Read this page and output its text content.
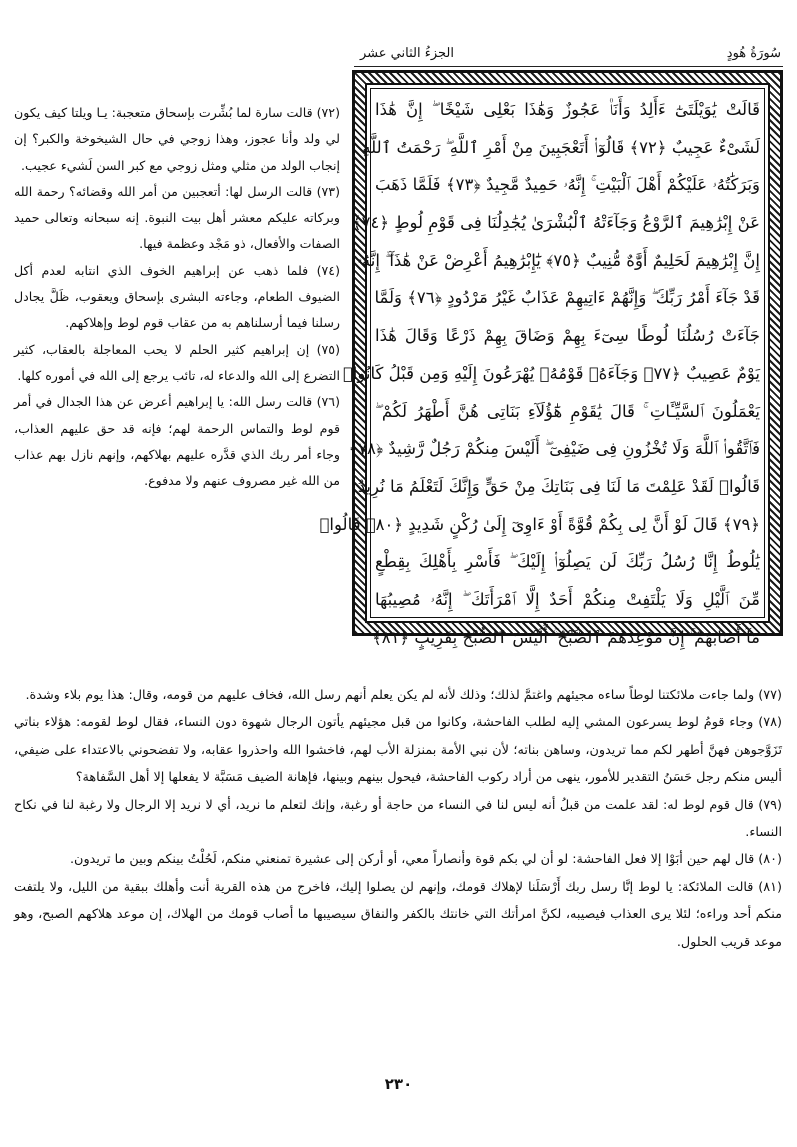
الجزءُ الثاني عشر	سُورَةُ هُودٍ
قَالَتْ يَٰوَيْلَتَىٰٓ ءَأَلِدُ وَأَنَا۠ عَجُوزٌ وَهَٰذَا بَعْلِى شَيْخًا ۖ إِنَّ هَٰذَا
لَشَىْءٌ عَجِيبٌ ﴿٧٢﴾ قَالُوٓا۟ أَتَعْجَبِينَ مِنْ أَمْرِ ٱللَّهِ ۖ رَحْمَتُ ٱللَّهِ
وَبَرَكَٰتُهُۥ عَلَيْكُمْ أَهْلَ ٱلْبَيْتِ ۚ إِنَّهُۥ حَمِيدٌ مَّجِيدٌ ﴿٧٣﴾ فَلَمَّا ذَهَبَ
عَنْ إِبْرَٰهِيمَ ٱلرَّوْعُ وَجَآءَتْهُ ٱلْبُشْرَىٰ يُجَٰدِلُنَا فِى قَوْمِ لُوطٍ ﴿٧٤﴾
إِنَّ إِبْرَٰهِيمَ لَحَلِيمٌ أَوَّٰهٌ مُّنِيبٌ ﴿٧٥﴾ يَٰٓإِبْرَٰهِيمُ أَعْرِضْ عَنْ هَٰذَآ ۖ إِنَّهُۥ
قَدْ جَآءَ أَمْرُ رَبِّكَ ۖ وَإِنَّهُمْ ءَاتِيهِمْ عَذَابٌ غَيْرُ مَرْدُودٍ ﴿٧٦﴾ وَلَمَّا
جَآءَتْ رُسُلُنَا لُوطًا سِىٓءَ بِهِمْ وَضَاقَ بِهِمْ ذَرْعًا وَقَالَ هَٰذَا
يَوْمٌ عَصِيبٌ ﴿٧٧﴾ وَجَآءَهُۥ قَوْمُهُۥ يُهْرَعُونَ إِلَيْهِ وَمِن قَبْلُ كَانُوا۟
يَعْمَلُونَ ٱلسَّيِّـَٔاتِ ۚ قَالَ يَٰقَوْمِ هَٰٓؤُلَآءِ بَنَاتِى هُنَّ أَطْهَرُ لَكُمْ ۖ
فَٱتَّقُوا۟ ٱللَّهَ وَلَا تُخْزُونِ فِى ضَيْفِىٓ ۖ أَلَيْسَ مِنكُمْ رَجُلٌ رَّشِيدٌ ﴿٧٨﴾
قَالُوا۟ لَقَدْ عَلِمْتَ مَا لَنَا فِى بَنَاتِكَ مِنْ حَقٍّ وَإِنَّكَ لَتَعْلَمُ مَا نُرِيدُ
﴿٧٩﴾ قَالَ لَوْ أَنَّ لِى بِكُمْ قُوَّةً أَوْ ءَاوِىٓ إِلَىٰ رُكْنٍ شَدِيدٍ ﴿٨٠﴾ قَالُوا۟
يَٰلُوطُ إِنَّا رُسُلُ رَبِّكَ لَن يَصِلُوٓا۟ إِلَيْكَ ۖ فَأَسْرِ بِأَهْلِكَ بِقِطْعٍ
مِّنَ ٱلَّيْلِ وَلَا يَلْتَفِتْ مِنكُمْ أَحَدٌ إِلَّا ٱمْرَأَتَكَ ۖ إِنَّهُۥ مُصِيبُهَا
مَآ أَصَابَهُمْ ۚ إِنَّ مَوْعِدَهُمُ ٱلصُّبْحُ ۚ أَلَيْسَ ٱلصُّبْحُ بِقَرِيبٍ ﴿٨١﴾

(٧٢) قالت سارة لما بُشِّرت بإسحاق متعجبة: يـا ويلتا كيف يكون لي ولد وأنا عجوز، وهذا زوجي في حال الشيخوخة والكبر؟ إن إنجاب الولد من مثلي ومثل زوجي مع كبر السن لَشيء عجيب.

(٧٣) قالت الرسل لها: أتعجبين من أمر الله وقضائه؟ رحمة الله وبركاته عليكم معشر أهل بيت النبوة. إنه سبحانه وتعالى حميد الصفات والأفعال، ذو مَجْد وعظمة فيها.

(٧٤) فلما ذهب عن إبراهيم الخوف الذي انتابه لعدم أكل الضيوف الطعام، وجاءته البشرى بإسحاق ويعقوب، ظَلَّ يجادل رسلنا فيما أرسلناهم به من عقاب قوم لوط وإهلاكهم.

(٧٥) إن إبراهيم كثير الحلم لا يحب المعاجلة بالعقاب، كثير التضرع إلى الله والدعاء له، تائب يرجع إلى الله في أموره كلها.

(٧٦) قالت رسل الله: يا إبراهيم أعرض عن هذا الجدال في أمر قوم لوط والتماس الرحمة لهم؛ فإنه قد حق عليهم العذاب، وجاء أمر ربك الذي قدَّره عليهم بهلاكهم، وإنهم نازل بهم عذاب من الله غير مصروف عنهم ولا مدفوع.

(٧٧) ولما جاءت ملائكتنا لوطاً ساءه مجيئهم واغتمَّ لذلك؛ وذلك لأنه لم يكن يعلم أنهم رسل الله، فخاف عليهم من قومه، وقال: هذا يوم بلاء وشدة.

(٧٨) وجاء قومُ لوط يسرعون المشي إليه لطلب الفاحشة، وكانوا من قبل مجيئهم يأتون الرجال شهوة دون النساء، فقال لوط لقومه: هؤلاء بناتي تَزَوَّجوهن فهنَّ أطهر لكم مما تريدون، وساهن بناته؛ لأن نبي الأمة بمنزلة الأب لهم، فاخشوا الله واحذروا عقابه، ولا تفضحوني بالاعتداء على ضيفي، أليس منكم رجل حَسَنُ التقدير للأمور، ينهى من أراد ركوب الفاحشة، فيحول بينهم وبينها، فإهانة الضيف مَسَبَّة لا يفعلها إلا أهل السَّفاهة؟

(٧٩) قال قوم لوط له: لقد علمت من قبلُ أنه ليس لنا في النساء من حاجة أو رغبة، وإنك لتعلم ما نريد، أي لا نريد إلا الرجال ولا رغبة لنا في نكاح النساء.

(٨٠) قال لهم حين أبَوْا إلا فعل الفاحشة: لو أن لي بكم قوة وأنصاراً معي، أو أركن إلى عشيرة تمنعني منكم، لَحُلْتُ بينكم وبين ما تريدون.

(٨١) قالت الملائكة: يا لوط إنَّا رسل ربك أَرْسَلَنا لإهلاك قومك، وإنهم لن يصلوا إليك، فاخرج من هذه القرية أنت وأهلك ببقية من الليل، ولا يلتفت منكم أحد وراءه؛ لئلا يرى العذاب فيصيبه، لكنَّ امرأتك التي خانتك بالكفر والنفاق سيصيبها ما أصاب قومك من الهلاك، إن موعد هلاكهم الصبح، وهو موعد قريب الحلول.

٢٣٠
